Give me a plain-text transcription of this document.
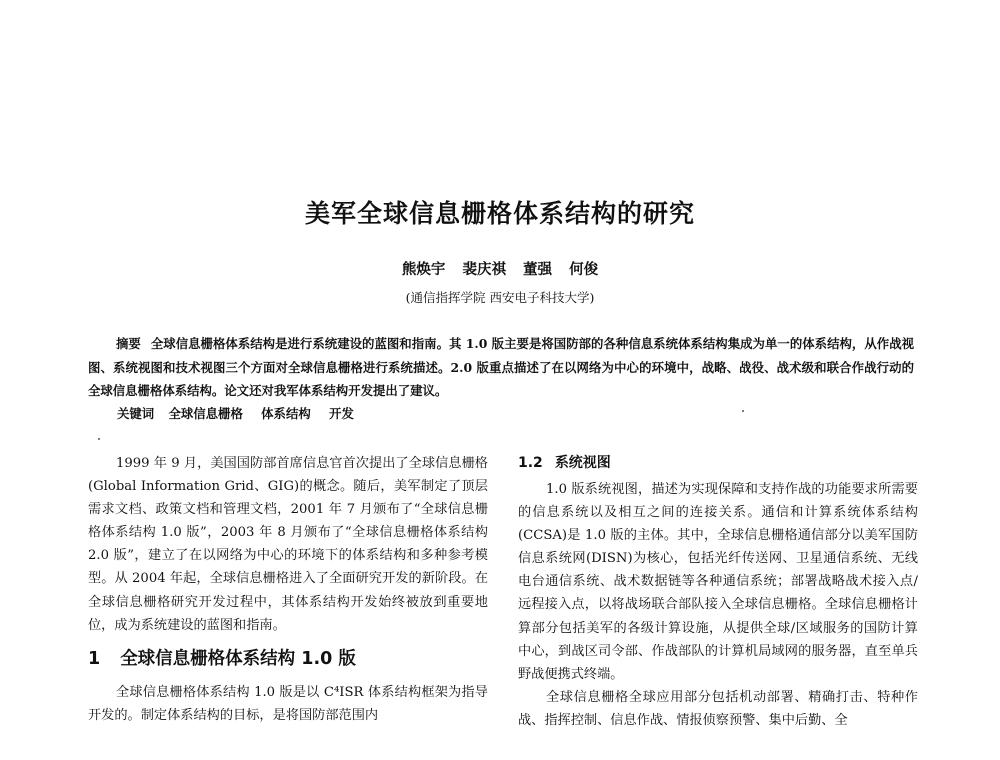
美军全球信息栅格体系结构的研究
熊焕宇 裴庆祺 董强 何俊
(通信指挥学院 西安电子科技大学)
摘要 全球信息栅格体系结构是进行系统建设的蓝图和指南。其 1.0 版主要是将国防部的各种信息系统体系结构集成为单一的体系结构，从作战视图、系统视图和技术视图三个方面对全球信息栅格进行系统描述。2.0 版重点描述了在以网络为中心的环境中，战略、战役、战术级和联合作战行动的全球信息栅格体系结构。论文还对我军体系结构开发提出了建议。
关键词 全球信息栅格 体系结构 开发

1999 年 9 月，美国国防部首席信息官首次提出了全球信息栅格(Global Information Grid、GIG)的概念。随后，美军制定了顶层需求文档、政策文档和管理文档，2001 年 7 月颁布了“全球信息栅格体系结构 1.0 版”，2003 年 8 月颁布了“全球信息栅格体系结构 2.0 版”，建立了在以网络为中心的环境下的体系结构和多种参考模型。从 2004 年起，全球信息栅格进入了全面研究开发的新阶段。在全球信息栅格研究开发过程中，其体系结构开发始终被放到重要地位，成为系统建设的蓝图和指南。

1 全球信息栅格体系结构 1.0 版

全球信息栅格体系结构 1.0 版是以 C⁴ISR 体系结构框架为指导开发的。制定体系结构的目标，是将国防部范围内

1.2 系统视图

1.0 版系统视图，描述为实现保障和支持作战的功能要求所需要的信息系统以及相互之间的连接关系。通信和计算系统体系结构(CCSA)是 1.0 版的主体。其中，全球信息栅格通信部分以美军国防信息系统网(DISN)为核心，包括光纤传送网、卫星通信系统、无线电台通信系统、战术数据链等各种通信系统；部署战略战术接入点/远程接入点，以将战场联合部队接入全球信息栅格。全球信息栅格计算部分包括美军的各级计算设施，从提供全球/区域服务的国防计算中心，到战区司令部、作战部队的计算机局域网的服务器，直至单兵野战便携式终端。

全球信息栅格全球应用部分包括机动部署、精确打击、特种作战、指挥控制、信息作战、情报侦察预警、集中后勤、全
